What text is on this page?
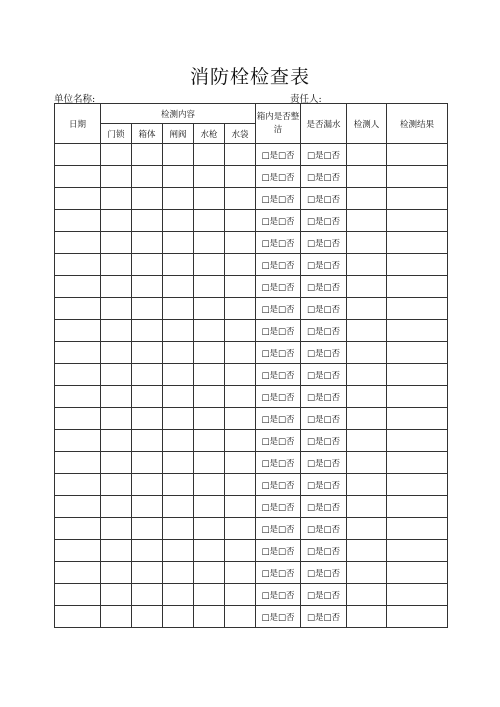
消防栓检查表
单位名称:	责任人:
日期	检测内容					箱内是否整洁	是否漏水	检测人	检测结果
	门锁	箱体	闸阀	水枪	水袋				
						□是□否	□是□否		
						□是□否	□是□否		
						□是□否	□是□否		
						□是□否	□是□否		
						□是□否	□是□否		
						□是□否	□是□否		
						□是□否	□是□否		
						□是□否	□是□否		
						□是□否	□是□否		
						□是□否	□是□否		
						□是□否	□是□否		
						□是□否	□是□否		
						□是□否	□是□否		
						□是□否	□是□否		
						□是□否	□是□否		
						□是□否	□是□否		
						□是□否	□是□否		
						□是□否	□是□否		
						□是□否	□是□否		
						□是□否	□是□否		
						□是□否	□是□否		
						□是□否	□是□否		
